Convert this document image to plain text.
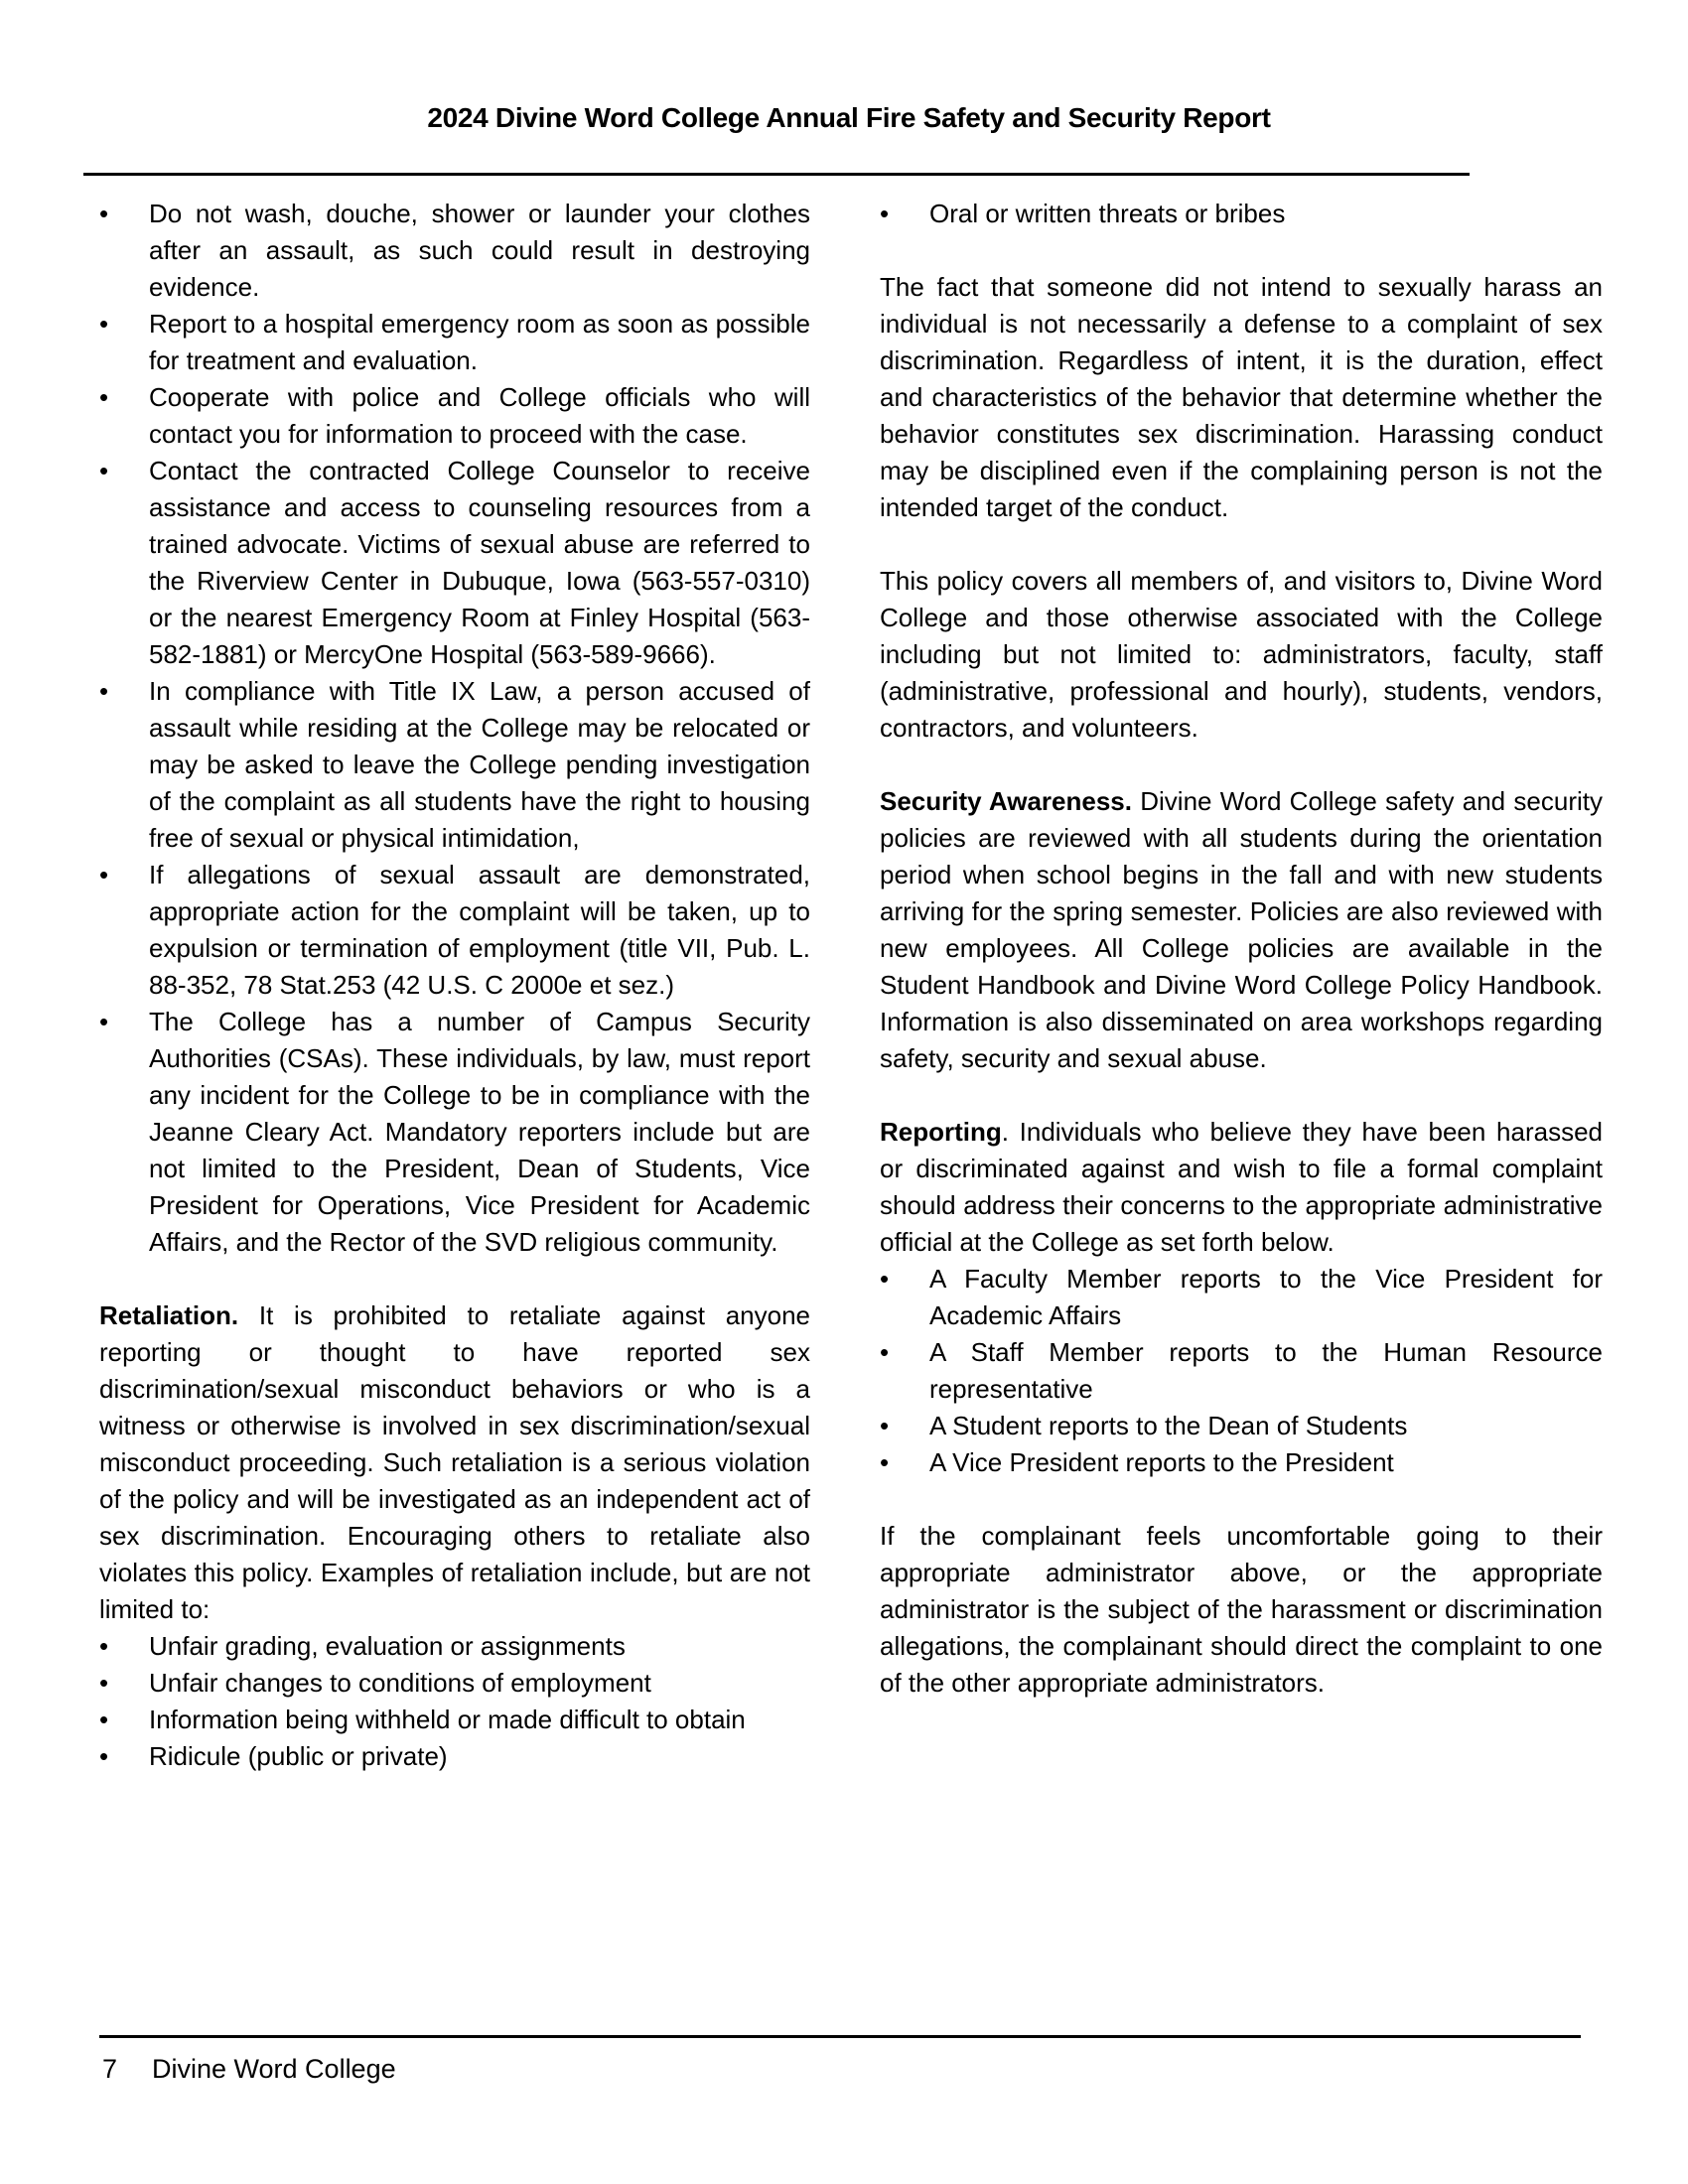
2024 Divine Word College Annual Fire Safety and Security Report
•	Do not wash, douche, shower or launder your clothes after an assault, as such could result in destroying evidence.
•	Report to a hospital emergency room as soon as possible for treatment and evaluation.
•	Cooperate with police and College officials who will contact you for information to proceed with the case.
•	Contact the contracted College Counselor to receive assistance and access to counseling resources from a trained advocate. Victims of sexual abuse are referred to the Riverview Center in Dubuque, Iowa (563-557-0310) or the nearest Emergency Room at Finley Hospital (563-582-1881) or MercyOne Hospital (563-589-9666).
•	In compliance with Title IX Law, a person accused of assault while residing at the College may be relocated or may be asked to leave the College pending investigation of the complaint as all students have the right to housing free of sexual or physical intimidation,
•	If allegations of sexual assault are demonstrated, appropriate action for the complaint will be taken, up to expulsion or termination of employment (title VII, Pub. L. 88-352, 78 Stat.253 (42 U.S. C 2000e et sez.)
•	The College has a number of Campus Security Authorities (CSAs). These individuals, by law, must report any incident for the College to be in compliance with the Jeanne Cleary Act. Mandatory reporters include but are not limited to the President, Dean of Students, Vice President for Operations, Vice President for Academic Affairs, and the Rector of the SVD religious community.

Retaliation. It is prohibited to retaliate against anyone reporting or thought to have reported sex discrimination/sexual misconduct behaviors or who is a witness or otherwise is involved in sex discrimination/sexual misconduct proceeding. Such retaliation is a serious violation of the policy and will be investigated as an independent act of sex discrimination. Encouraging others to retaliate also violates this policy. Examples of retaliation include, but are not limited to:

•	Unfair grading, evaluation or assignments
•	Unfair changes to conditions of employment
•	Information being withheld or made difficult to obtain
•	Ridicule (public or private)
•	Oral or written threats or bribes

The fact that someone did not intend to sexually harass an individual is not necessarily a defense to a complaint of sex discrimination. Regardless of intent, it is the duration, effect and characteristics of the behavior that determine whether the behavior constitutes sex discrimination. Harassing conduct may be disciplined even if the complaining person is not the intended target of the conduct.

This policy covers all members of, and visitors to, Divine Word College and those otherwise associated with the College including but not limited to: administrators, faculty, staff (administrative, professional and hourly), students, vendors, contractors, and volunteers.

Security Awareness. Divine Word College safety and security policies are reviewed with all students during the orientation period when school begins in the fall and with new students arriving for the spring semester. Policies are also reviewed with new employees. All College policies are available in the Student Handbook and Divine Word College Policy Handbook. Information is also disseminated on area workshops regarding safety, security and sexual abuse.

Reporting. Individuals who believe they have been harassed or discriminated against and wish to file a formal complaint should address their concerns to the appropriate administrative official at the College as set forth below.

•	A Faculty Member reports to the Vice President for Academic Affairs
•	A Staff Member reports to the Human Resource representative
•	A Student reports to the Dean of Students
•	A Vice President reports to the President

If the complainant feels uncomfortable going to their appropriate administrator above, or the appropriate administrator is the subject of the harassment or discrimination allegations, the complainant should direct the complaint to one of the other appropriate administrators.

7 Divine Word College
